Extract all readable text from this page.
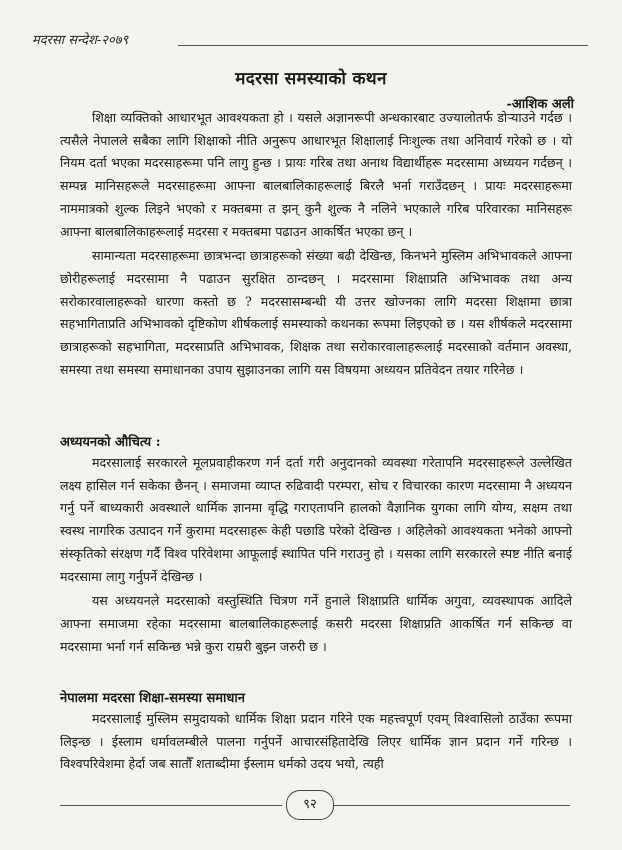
मदरसा सन्देश-२०७९
मदरसा समस्याको कथन
-आशिक अली

शिक्षा व्यक्तिको आधारभूत आवश्यकता हो । यसले अज्ञानरूपी अन्धकारबाट उज्यालोतर्फ डोर्‍याउने गर्दछ । त्यसैले नेपालले सबैका लागि शिक्षाको नीति अनुरूप आधारभूत शिक्षालाई निःशुल्क तथा अनिवार्य गरेको छ । यो नियम दर्ता भएका मदरसाहरूमा पनि लागु हुन्छ । प्रायः गरिब तथा अनाथ विद्यार्थीहरू मदरसामा अध्ययन गर्दछन् । सम्पन्न मानिसहरूले मदरसाहरूमा आफ्ना बालबालिकाहरूलाई बिरलै भर्ना गराउँदछन् । प्रायः मदरसाहरूमा नाममात्रको शुल्क लिइने भएको र मक्तबमा त झन् कुनै शुल्क नै नलिने भएकाले गरिब परिवारका मानिसहरू आफ्ना बालबालिकाहरूलाई मदरसा र मक्तबमा पढाउन आकर्षित भएका छन् ।

सामान्यता मदरसाहरूमा छात्रभन्दा छात्राहरूको संख्या बढी देखिन्छ, किनभने मुस्लिम अभिभावकले आफ्ना छोरीहरूलाई मदरसामा नै पढाउन सुरक्षित ठान्दछन् । मदरसामा शिक्षाप्रति अभिभावक तथा अन्य सरोकारवालाहरूको धारणा कस्तो छ ? मदरसासम्बन्धी यी उत्तर खोज्नका लागि मदरसा शिक्षामा छात्रा सहभागिताप्रति अभिभावको दृष्टिकोण शीर्षकलाई समस्याको कथनका रूपमा लिइएको छ । यस शीर्षकले मदरसामा छात्राहरूको सहभागिता, मदरसाप्रति अभिभावक, शिक्षक तथा सरोकारवालाहरूलाई मदरसाको वर्तमान अवस्था, समस्या तथा समस्या समाधानका उपाय सुझाउनका लागि यस विषयमा अध्ययन प्रतिवेदन तयार गरिनेछ ।

अध्ययनको औचित्य :

मदरसालाई सरकारले मूलप्रवाहीकरण गर्न दर्ता गरी अनुदानको व्यवस्था गरेतापनि मदरसाहरूले उल्लेखित लक्ष्य हासिल गर्न सकेका छैनन् । समाजमा व्याप्त रुढिवादी परम्परा, सोच र विचारका कारण मदरसामा नै अध्ययन गर्नु पर्ने बाध्यकारी अवस्थाले धार्मिक ज्ञानमा वृद्धि गराएतापनि हालको वैज्ञानिक युगका लागि योग्य, सक्षम तथा स्वस्थ नागरिक उत्पादन गर्ने कुरामा मदरसाहरू केही पछाडि परेको देखिन्छ । अहिलेको आवश्यकता भनेको आफ्नो संस्कृतिको संरक्षण गर्दै विश्व परिवेशमा आफूलाई स्थापित पनि गराउनु हो । यसका लागि सरकारले स्पष्ट नीति बनाई मदरसामा लागु गर्नुपर्ने देखिन्छ ।

यस अध्ययनले मदरसाको वस्तुस्थिति चित्रण गर्ने हुनाले शिक्षाप्रति धार्मिक अगुवा, व्यवस्थापक आदिले आफ्ना समाजमा रहेका मदरसामा बालबालिकाहरूलाई कसरी मदरसा शिक्षाप्रति आकर्षित गर्न सकिन्छ वा मदरसामा भर्ना गर्न सकिन्छ भन्ने कुरा राम्ररी बुझ्न जरुरी छ ।

नेपालमा मदरसा शिक्षा-समस्या समाधान

मदरसालाई मुस्लिम समुदायको धार्मिक शिक्षा प्रदान गरिने एक महत्त्वपूर्ण एवम् विश्वासिलो ठाउँका रूपमा लिइन्छ । ईस्लाम धर्मावलम्बीले पालना गर्नुपर्ने आचारसंहितादेखि लिएर धार्मिक ज्ञान प्रदान गर्ने गरिन्छ । विश्वपरिवेशमा हेर्दा जब सातौँ शताब्दीमा ईस्लाम धर्मको उदय भयो, त्यही

९२
